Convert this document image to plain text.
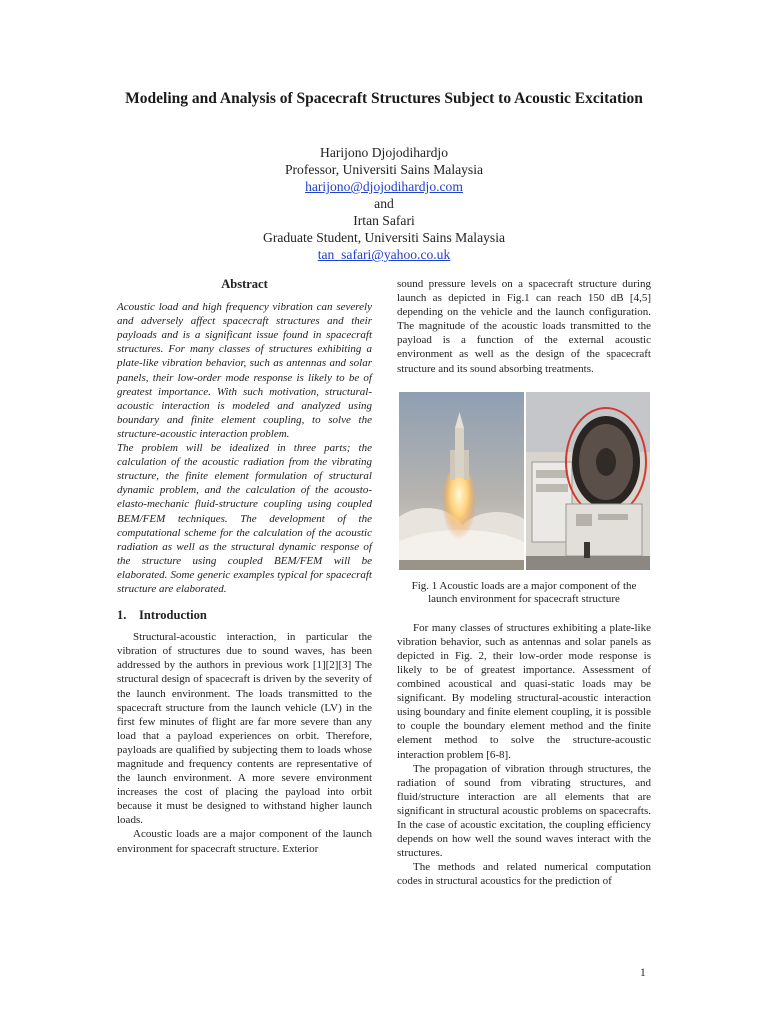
Modeling and Analysis of Spacecraft Structures Subject to Acoustic Excitation
Harijono Djojodihardjo
Professor, Universiti Sains Malaysia
harijono@djojodihardjo.com
and
Irtan Safari
Graduate Student, Universiti Sains Malaysia
tan_safari@yahoo.co.uk
Abstract

Acoustic load and high frequency vibration can severely and adversely affect spacecraft structures and their payloads and is a significant issue found in spacecraft structures. For many classes of structures exhibiting a plate-like vibration behavior, such as antennas and solar panels, their low-order mode response is likely to be of greatest importance. With such motivation, structural-acoustic interaction is modeled and analyzed using boundary and finite element coupling, to solve the structure-acoustic interaction problem.

The problem will be idealized in three parts; the calculation of the acoustic radiation from the vibrating structure, the finite element formulation of structural dynamic problem, and the calculation of the acousto-elasto-mechanic fluid-structure coupling using coupled BEM/FEM techniques. The development of the computational scheme for the calculation of the acoustic radiation as well as the structural dynamic response of the structure using coupled BEM/FEM will be elaborated. Some generic examples typical for spacecraft structure are elaborated.

1. Introduction

Structural-acoustic interaction, in particular the vibration of structures due to sound waves, has been addressed by the authors in previous work [1][2][3] The structural design of spacecraft is driven by the severity of the launch environment. The loads transmitted to the spacecraft structure from the launch vehicle (LV) in the first few minutes of flight are far more severe than any load that a payload experiences on orbit. Therefore, payloads are qualified by subjecting them to loads whose magnitude and frequency contents are representative of the launch environment. A more severe environment increases the cost of placing the payload into orbit because it must be designed to withstand higher launch loads.

Acoustic loads are a major component of the launch environment for spacecraft structure. Exterior

sound pressure levels on a spacecraft structure during launch as depicted in Fig.1 can reach 150 dB [4,5] depending on the vehicle and the launch configuration. The magnitude of the acoustic loads transmitted to the payload is a function of the external acoustic environment as well as the design of the spacecraft structure and its sound absorbing treatments.

Fig. 1 Acoustic loads are a major component of the
launch environment for spacecraft structure

For many classes of structures exhibiting a plate-like vibration behavior, such as antennas and solar panels as depicted in Fig. 2, their low-order mode response is likely to be of greatest importance. Assessment of combined acoustical and quasi-static loads may be significant. By modeling structural-acoustic interaction using boundary and finite element coupling, it is possible to couple the boundary element method and the finite element method to solve the structure-acoustic interaction problem [6-8].

The propagation of vibration through structures, the radiation of sound from vibrating structures, and fluid/structure interaction are all elements that are significant in structural acoustic problems on spacecrafts. In the case of acoustic excitation, the coupling efficiency depends on how well the sound waves interact with the structures.

The methods and related numerical computation codes in structural acoustics for the prediction of

1
